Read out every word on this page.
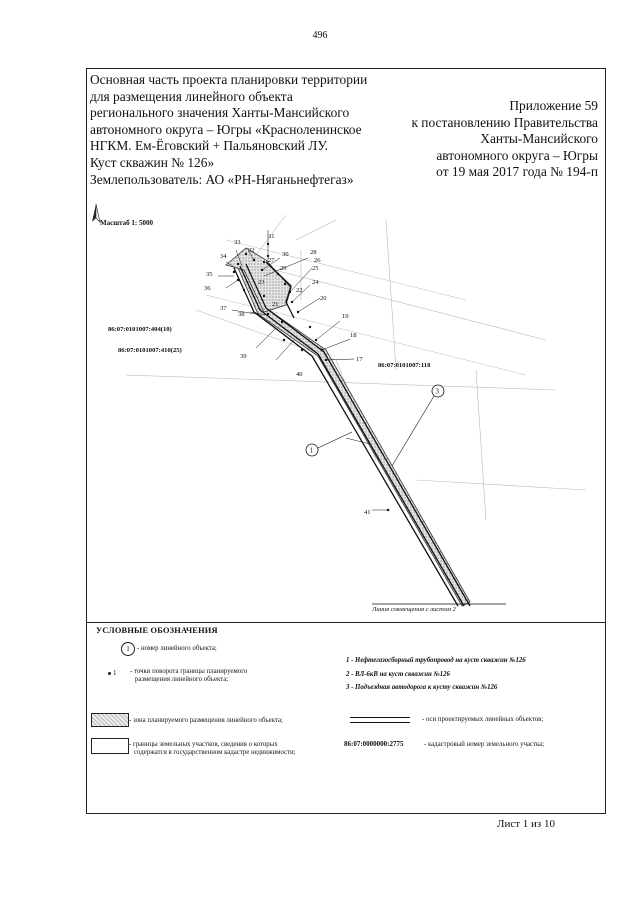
496
Основная часть проекта планировки территории
для размещения линейного объекта
регионального значения Ханты-Мансийского
автономного округа – Югры «Красноленинское
НГКМ. Ем-Ёговский + Пальяновский ЛУ.
Куст скважин № 126»
Землепользователь: АО «РН-Няганьнефтегаз»
Приложение 59
к постановлению Правительства
Ханты-Мансийского
автономного округа – Югры
от 19 мая 2017 года № 194-п
17
18
19
20
21
22
23	24
25
26
27
28
29
30
31
32
33
34
35
36
37
38
39
40
41
1
3
86:07:0101007:404(10)
86:07:0101007:410(25)
86:07:0101007:118
Масштаб 1: 5000
Линия совмещения с листом 2
УСЛОВНЫЕ ОБОЗНАЧЕНИЯ
1	- номер линейного объекта;
1 - точки поворота границы планируемого
размещения линейного объекта;
1 - Нефтегазосборный трубопровод на куст скважин №126
2 - ВЛ-6кВ на куст скважин №126
3 - Подъездная автодорога к кусту скважин №126
- зона планируемого размещения линейного объекта;	- оси проектируемых линейных объектов;
- границы земельных участков, сведения о которых
содержатся в государственном кадастре недвижимости;
86:07:0000000:2775	- кадастровый номер земельного участка;
Лист 1 из 10
